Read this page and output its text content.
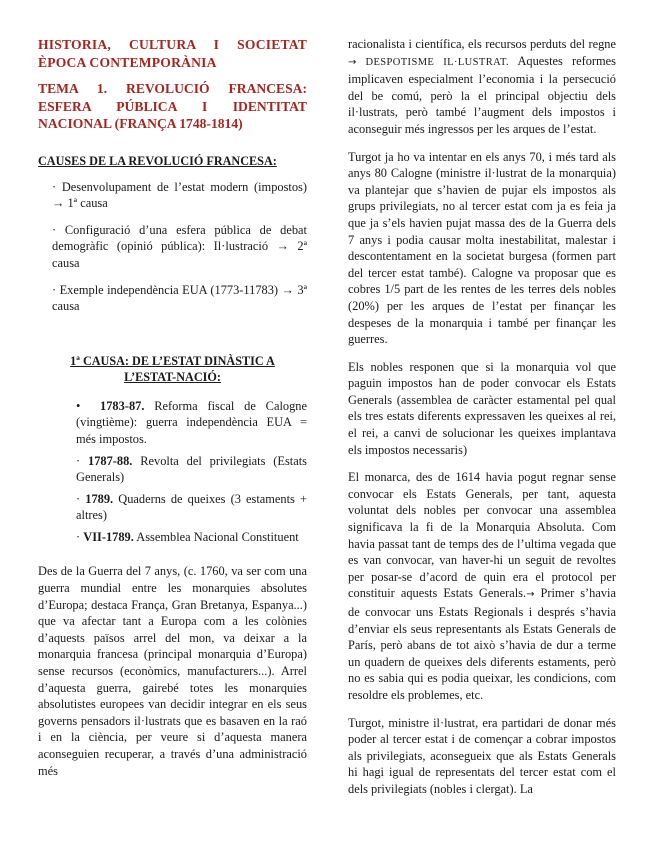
HISTORIA, CULTURA I SOCIETAT ÈPOCA CONTEMPORÀNIA
TEMA 1. REVOLUCIÓ FRANCESA: ESFERA PÚBLICA I IDENTITAT NACIONAL (FRANÇA 1748-1814)
CAUSES DE LA REVOLUCIÓ FRANCESA:
· Desenvolupament de l’estat modern (impostos) → 1ª causa
· Configuració d’una esfera pública de debat demogràfic (opinió pública): Il·lustració → 2ª causa
· Exemple independència EUA (1773-11783) → 3ª causa
1ª CAUSA: DE L’ESTAT DINÀSTIC A L’ESTAT-NACIÓ:
• 1783-87. Reforma fiscal de Calogne (vingtième): guerra independència EUA = més impostos.
· 1787-88. Revolta del privilegiats (Estats Generals)
· 1789. Quaderns de queixes (3 estaments + altres)
· VII-1789. Assemblea Nacional Constituent

Des de la Guerra del 7 anys, (c. 1760, va ser com una guerra mundial entre les monarquies absolutes d’Europa; destaca França, Gran Bretanya, Espanya...) que va afectar tant a Europa com a les colònies d’aquests països arrel del mon, va deixar a la monarquia francesa (principal monarquia d’Europa) sense recursos (econòmics, manufacturers...). Arrel d’aquesta guerra, gairebé totes les monarquies absolutistes europees van decidir integrar en els seus governs pensadors il·lustrats que es basaven en la raó i en la ciència, per veure si d’aquesta manera aconseguien recuperar, a través d’una administració més

racionalista i científica, els recursos perduts del regne → DESPOTISME IL·LUSTRAT. Aquestes reformes implicaven especialment l’economia i la persecució del be comú, però la el principal objectiu dels il·lustrats, però també l’augment dels impostos i aconseguir més ingressos per les arques de l’estat.

Turgot ja ho va intentar en els anys 70, i més tard als anys 80 Calogne (ministre il·lustrat de la monarquia) va plantejar que s’havien de pujar els impostos als grups privilegiats, no al tercer estat com ja es feia ja que ja s’els havien pujat massa des de la Guerra dels 7 anys i podia causar molta inestabilitat, malestar i descontentament en la societat burgesa (formen part del tercer estat també). Calogne va proposar que es cobres 1/5 part de les rentes de les terres dels nobles (20%) per les arques de l’estat per finançar les despeses de la monarquia i també per finançar les guerres.

Els nobles responen que si la monarquia vol que paguin impostos han de poder convocar els Estats Generals (assemblea de caràcter estamental pel qual els tres estats diferents expressaven les queixes al rei, el rei, a canvi de solucionar les queixes implantava els impostos necessaris)

El monarca, des de 1614 havia pogut regnar sense convocar els Estats Generals, per tant, aquesta voluntat dels nobles per convocar una assemblea significava la fi de la Monarquia Absoluta. Com havia passat tant de temps des de l’ultima vegada que es van convocar, van haver-hi un seguit de revoltes per posar-se d’acord de quin era el protocol per constituir aquests Estats Generals.→ Primer s’havia de convocar uns Estats Regionals i després s’havia d’enviar els seus representants als Estats Generals de París, però abans de tot això s’havia de dur a terme un quadern de queixes dels diferents estaments, però no es sabia qui es podia queixar, les condicions, com resoldre els problemes, etc.

Turgot, ministre il·lustrat, era partidari de donar més poder al tercer estat i de començar a cobrar impostos als privilegiats, aconsegueix que als Estats Generals hi hagi igual de representats del tercer estat com el dels privilegiats (nobles i clergat). La
